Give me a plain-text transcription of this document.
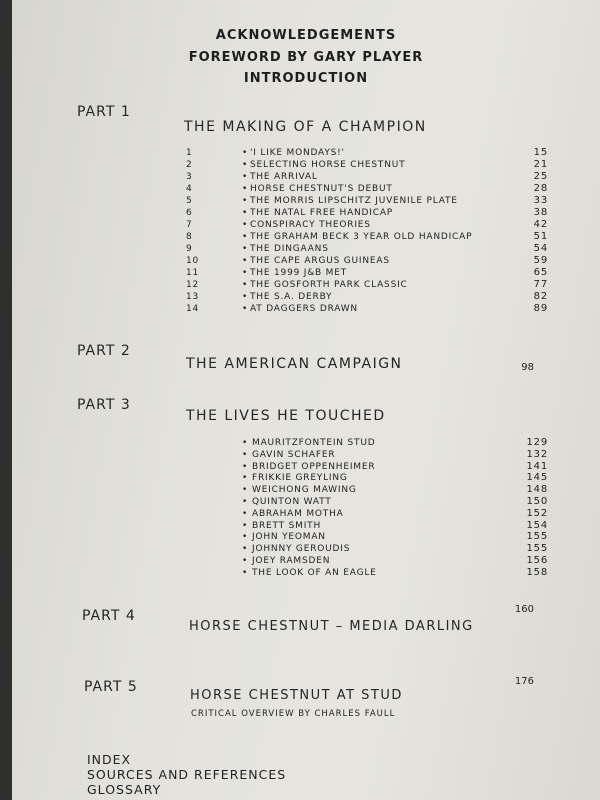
ACKNOWLEDGEMENTS
FOREWORD BY GARY PLAYER
INTRODUCTION
PART 1
THE MAKING OF A CHAMPION
1	• 'I LIKE MONDAYS!'	15
2	• SELECTING HORSE CHESTNUT	21
3	• THE ARRIVAL	25
4	• HORSE CHESTNUT'S DEBUT	28
5	• THE MORRIS LIPSCHITZ JUVENILE PLATE	33
6	• THE NATAL FREE HANDICAP	38
7	• CONSPIRACY THEORIES	42
8	• THE GRAHAM BECK 3 YEAR OLD HANDICAP	51
9	• THE DINGAANS	54
10	• THE CAPE ARGUS GUINEAS	59
11	• THE 1999 J&B MET	65
12	• THE GOSFORTH PARK CLASSIC	77
13	• THE S.A. DERBY	82
14	• AT DAGGERS DRAWN	89
PART 2
THE AMERICAN CAMPAIGN	98
PART 3
THE LIVES HE TOUCHED
• MAURITZFONTEIN STUD	129
• GAVIN SCHAFER	132
• BRIDGET OPPENHEIMER	141
• FRIKKIE GREYLING	145
• WEICHONG MAWING	148
• QUINTON WATT	150
• ABRAHAM MOTHA	152
• BRETT SMITH	154
• JOHN YEOMAN	155
• JOHNNY GEROUDIS	155
• JOEY RAMSDEN	156
• THE LOOK OF AN EAGLE	158
PART 4	160
HORSE CHESTNUT – MEDIA DARLING
PART 5	176
HORSE CHESTNUT AT STUD
CRITICAL OVERVIEW BY CHARLES FAULL
INDEX
SOURCES AND REFERENCES
GLOSSARY
